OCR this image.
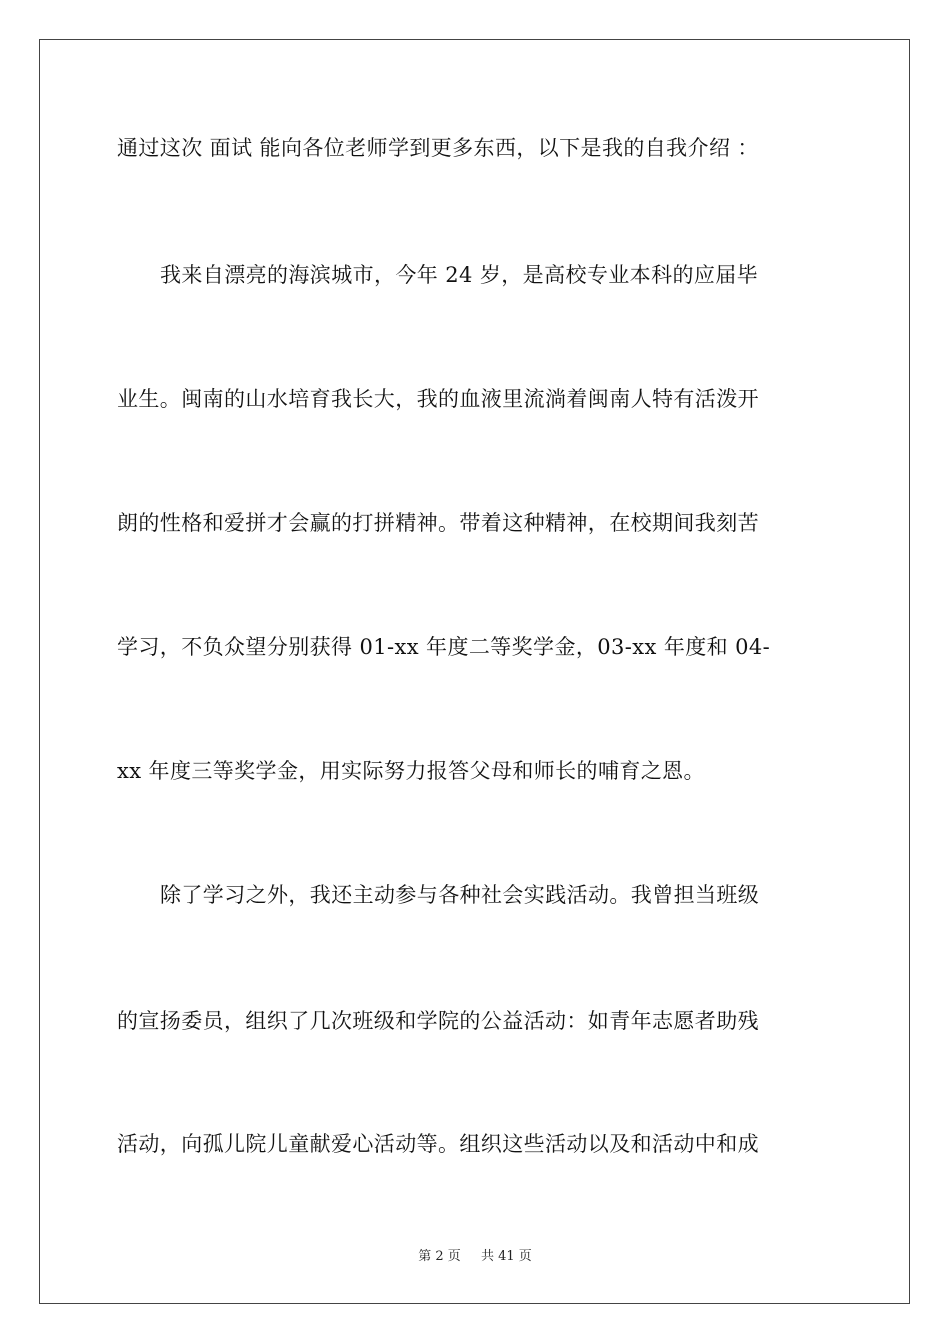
通过这次 面试 能向各位老师学到更多东西，以下是我的自我介绍 ：

我来自漂亮的海滨城市，今年 24 岁，是高校专业本科的应届毕

业生。闽南的山水培育我长大，我的血液里流淌着闽南人特有活泼开

朗的性格和爱拼才会赢的打拼精神。带着这种精神，在校期间我刻苦

学习，不负众望分别获得 01-xx 年度二等奖学金，03-xx 年度和 04-

xx 年度三等奖学金，用实际努力报答父母和师长的哺育之恩。

除了学习之外，我还主动参与各种社会实践活动。我曾担当班级

的宣扬委员，组织了几次班级和学院的公益活动：如青年志愿者助残

活动，向孤儿院儿童献爱心活动等。组织这些活动以及和活动中和成

第 2 页 共 41 页
